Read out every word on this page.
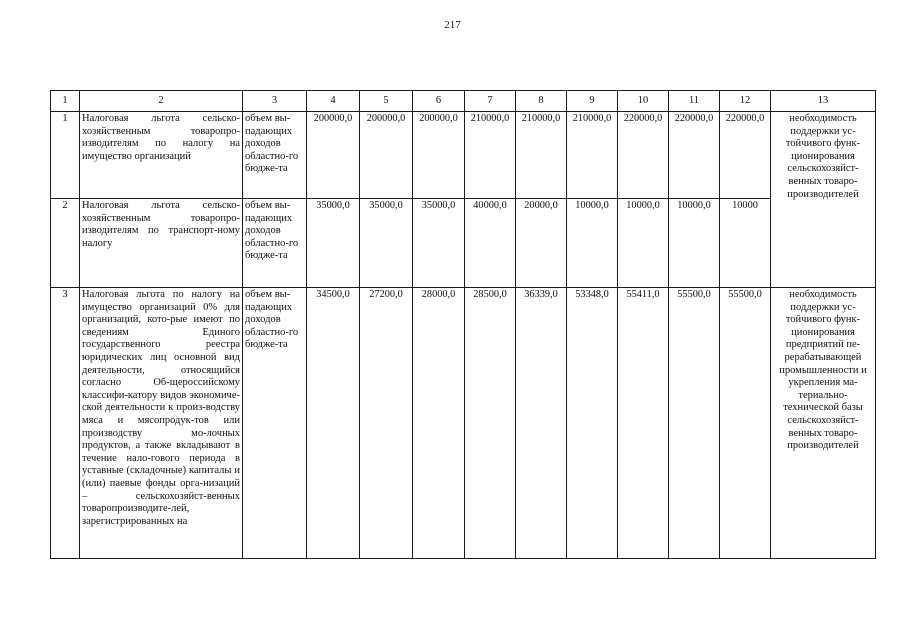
217
1	2	3	4	5	6	7	8	9	10	11	12	13
1	Налоговая льгота сельско-хозяйственным товаропро-изводителям по налогу на имущество организаций	объем вы-падающих доходов областно-го бюдже-та	200000,0	200000,0	200000,0	210000,0	210000,0	210000,0	220000,0	220000,0	220000,0	необходимость поддержки ус-тойчивого функ-ционирования сельскохозяйст-венных товаро-производителей
2	Налоговая льгота сельско-хозяйственным товаропро-изводителям по транспорт-ному налогу	объем вы-падающих доходов областно-го бюдже-та	35000,0	35000,0	35000,0	40000,0	20000,0	10000,0	10000,0	10000,0	10000	
3	Налоговая льгота по налогу на имущество организаций 0% для организаций, кото-рые имеют по сведениям Единого государственного реестра юридических лиц основной вид деятельности, относящийся согласно Об-щероссийскому классифи-катору видов экономиче-ской деятельности к произ-водству мяса и мясопродук-тов или производству мо-лочных продуктов, а также вкладывают в течение нало-гового периода в уставные (складочные) капиталы и (или) паевые фонды орга-низаций – сельскохозяйст-венных товаропроизводите-лей, зарегистрированных на	объем вы-падающих доходов областно-го бюдже-та	34500,0	27200,0	28000,0	28500,0	36339,0	53348,0	55411,0	55500,0	55500,0	необходимость поддержки ус-тойчивого функ-ционирования предприятий пе-рерабатывающей промышленности и укрепления ма-териально-технической базы сельскохозяйст-венных товаро-производителей
